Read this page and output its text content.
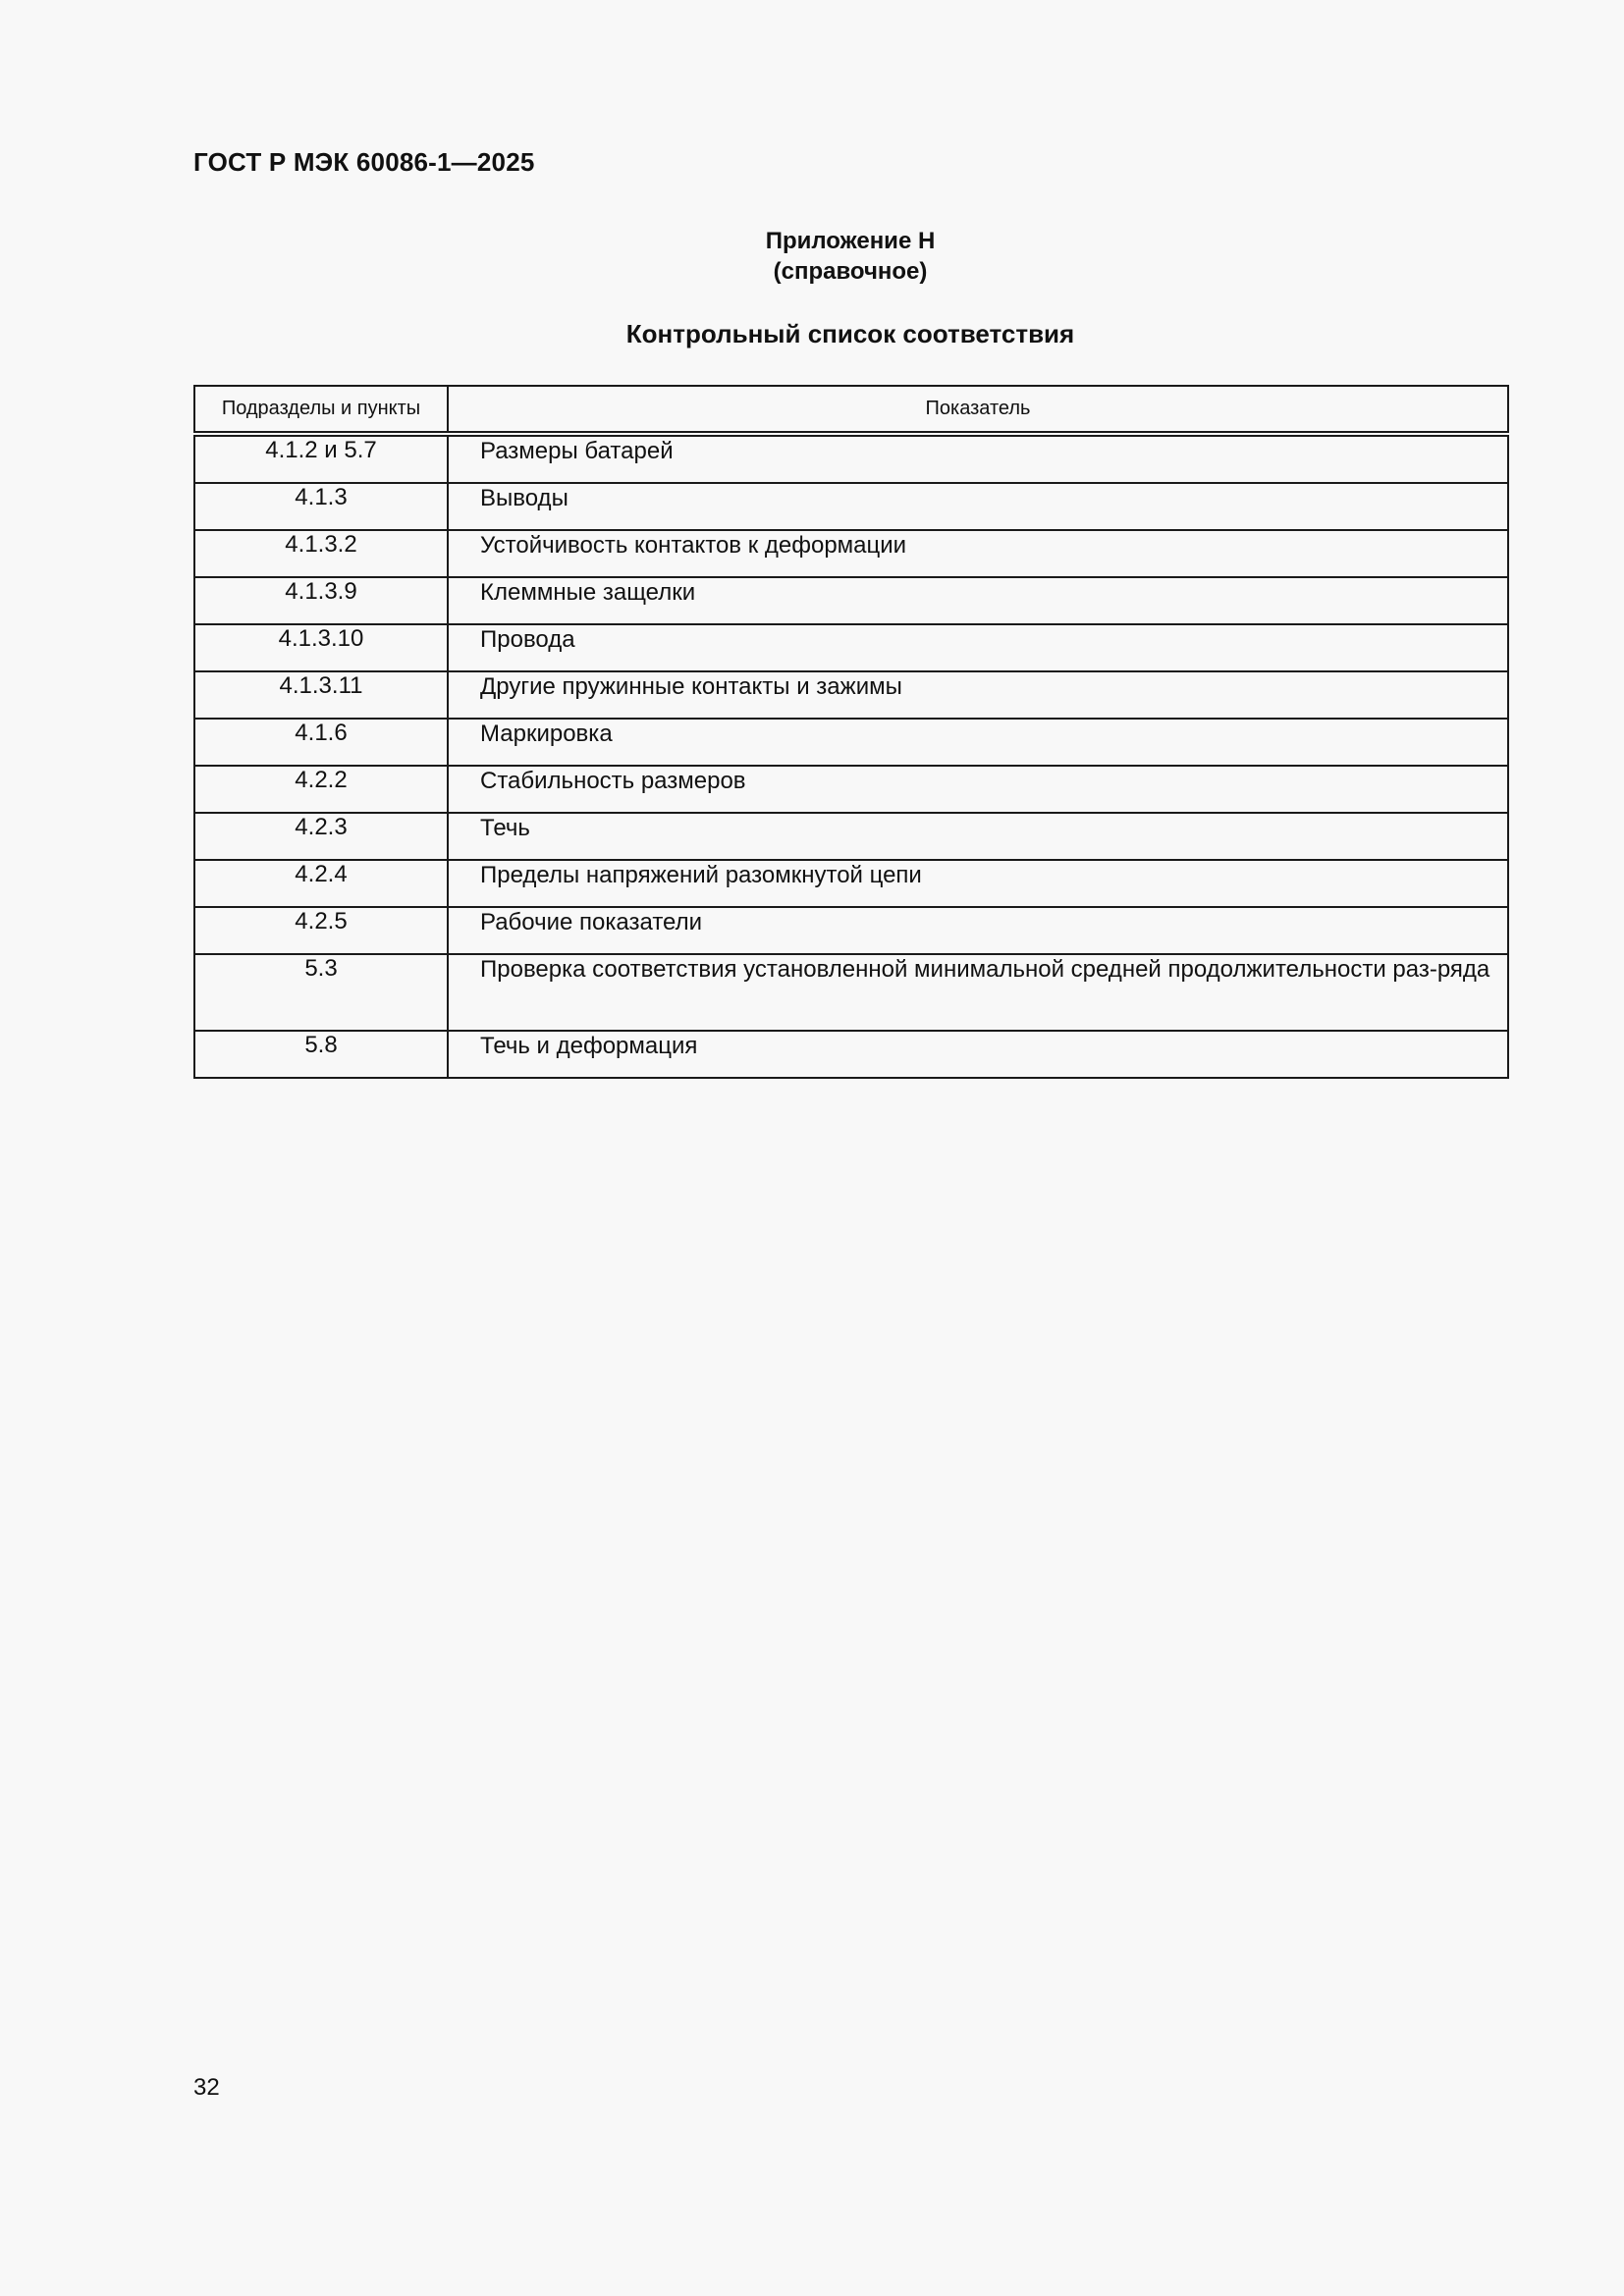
ГОСТ Р МЭК 60086-1—2025
Приложение Н
(справочное)
Контрольный список соответствия
Подразделы и пункты	Показатель
4.1.2 и 5.7	Размеры батарей
4.1.3	Выводы
4.1.3.2	Устойчивость контактов к деформации
4.1.3.9	Клеммные защелки
4.1.3.10	Провода
4.1.3.11	Другие пружинные контакты и зажимы
4.1.6	Маркировка
4.2.2	Стабильность размеров
4.2.3	Течь
4.2.4	Пределы напряжений разомкнутой цепи
4.2.5	Рабочие показатели
5.3	Проверка соответствия установленной минимальной средней продолжительности раз-ряда
5.8	Течь и деформация
32
